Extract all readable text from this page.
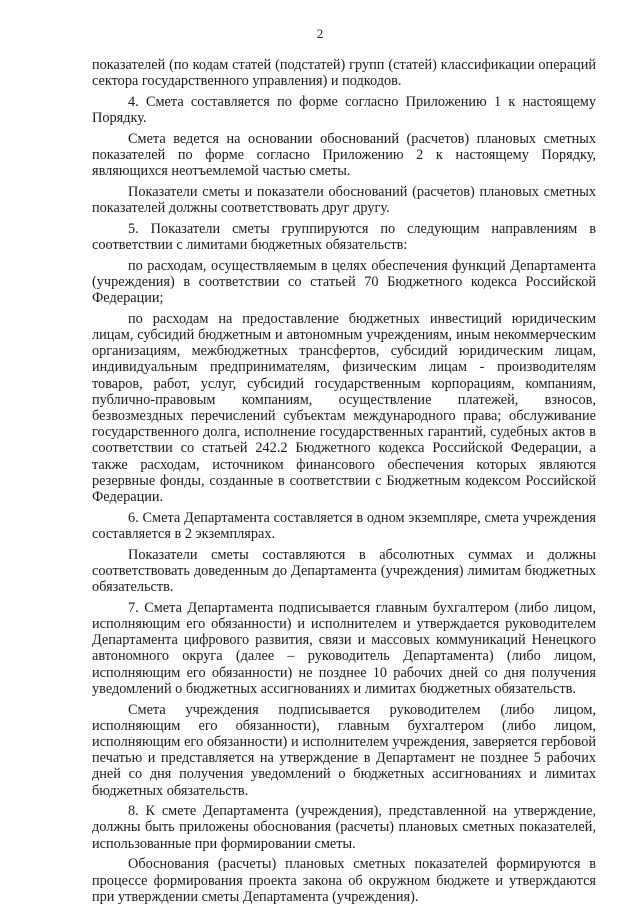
2

показателей (по кодам статей (подстатей) групп (статей) классификации операций сектора государственного управления) и подкодов.

4. Смета составляется по форме согласно Приложению 1 к настоящему Порядку.

Смета ведется на основании обоснований (расчетов) плановых сметных показателей по форме согласно Приложению 2 к настоящему Порядку, являющихся неотъемлемой частью сметы.

Показатели сметы и показатели обоснований (расчетов) плановых сметных показателей должны соответствовать друг другу.

5. Показатели сметы группируются по следующим направлениям в соответствии с лимитами бюджетных обязательств:

по расходам, осуществляемым в целях обеспечения функций Департамента (учреждения) в соответствии со статьей 70 Бюджетного кодекса Российской Федерации;

по расходам на предоставление бюджетных инвестиций юридическим лицам, субсидий бюджетным и автономным учреждениям, иным некоммерческим организациям, межбюджетных трансфертов, субсидий юридическим лицам, индивидуальным предпринимателям, физическим лицам - производителям товаров, работ, услуг, субсидий государственным корпорациям, компаниям, публично-правовым компаниям, осуществление платежей, взносов, безвозмездных перечислений субъектам международного права; обслуживание государственного долга, исполнение государственных гарантий, судебных актов в соответствии со статьей 242.2 Бюджетного кодекса Российской Федерации, а также расходам, источником финансового обеспечения которых являются резервные фонды, созданные в соответствии с Бюджетным кодексом Российской Федерации.

6. Смета Департамента составляется в одном экземпляре, смета учреждения составляется в 2 экземплярах.

Показатели сметы составляются в абсолютных суммах и должны соответствовать доведенным до Департамента (учреждения) лимитам бюджетных обязательств.

7. Смета Департамента подписывается главным бухгалтером (либо лицом, исполняющим его обязанности) и исполнителем и утверждается руководителем Департамента цифрового развития, связи и массовых коммуникаций Ненецкого автономного округа (далее – руководитель Департамента) (либо лицом, исполняющим его обязанности) не позднее 10 рабочих дней со дня получения уведомлений о бюджетных ассигнованиях и лимитах бюджетных обязательств.

Смета учреждения подписывается руководителем (либо лицом, исполняющим его обязанности), главным бухгалтером (либо лицом, исполняющим его обязанности) и исполнителем учреждения, заверяется гербовой печатью и представляется на утверждение в Департамент не позднее 5 рабочих дней со дня получения уведомлений о бюджетных ассигнованиях и лимитах бюджетных обязательств.

8. К смете Департамента (учреждения), представленной на утверждение, должны быть приложены обоснования (расчеты) плановых сметных показателей, использованные при формировании сметы.

Обоснования (расчеты) плановых сметных показателей формируются в процессе формирования проекта закона об окружном бюджете и утверждаются при утверждении сметы Департамента (учреждения).
